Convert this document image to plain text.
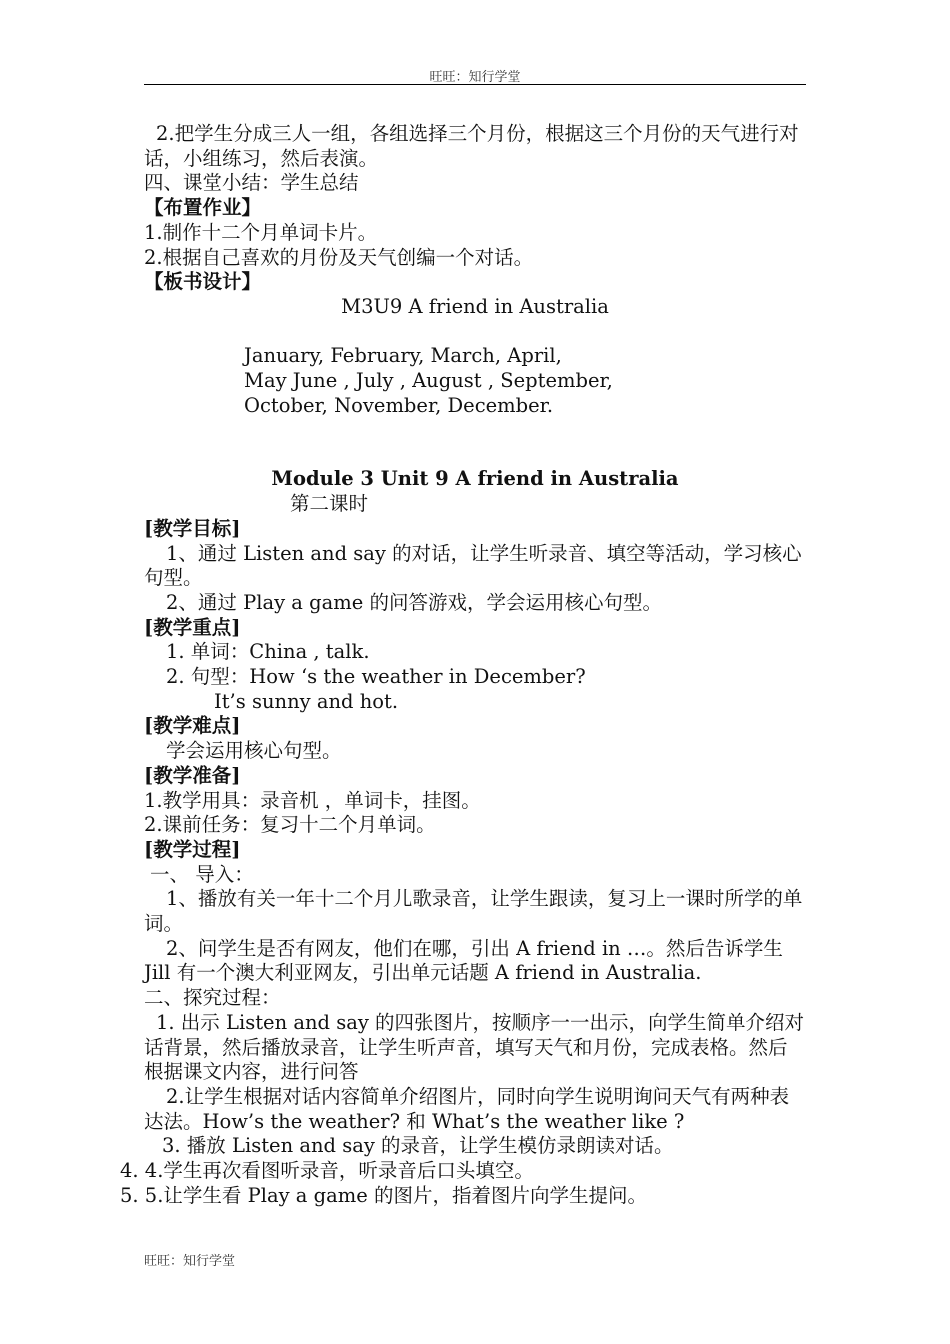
旺旺：知行学堂

2.把学生分成三人一组，各组选择三个月份，根据这三个月份的天气进行对话，小组练习，然后表演。

四、课堂小结：学生总结

【布置作业】

1.制作十二个月单词卡片。

2.根据自己喜欢的月份及天气创编一个对话。

【板书设计】

M3U9 A friend in Australia

January, February, March, April,

May June , July , August , September,

October, November, December.

Module 3 Unit 9 A friend in Australia

第二课时

[教学目标]

1、通过 Listen and say 的对话，让学生听录音、填空等活动，学习核心句型。

2、通过 Play a game 的问答游戏，学会运用核心句型。

[教学重点]

1. 单词：China , talk.

2. 句型：How ‘s the weather in December?

It’s sunny and hot.

[教学难点]

学会运用核心句型。

[教学准备]

1.教学用具：录音机 ，单词卡，挂图。

2.课前任务：复习十二个月单词。

[教学过程]

一、 导入：

1、播放有关一年十二个月儿歌录音，让学生跟读，复习上一课时所学的单词。

2、问学生是否有网友，他们在哪，引出 A friend in …。然后告诉学生 Jill 有一个澳大利亚网友，引出单元话题 A friend in Australia.

二、探究过程：

1. 出示 Listen and say 的四张图片，按顺序一一出示，向学生简单介绍对话背景，然后播放录音，让学生听声音，填写天气和月份，完成表格。然后根据课文内容，进行问答

2.让学生根据对话内容简单介绍图片，同时向学生说明询问天气有两种表达法。How’s the weather? 和 What’s the weather like ?

3. 播放 Listen and say 的录音，让学生模仿录朗读对话。

4. 4.学生再次看图听录音，听录音后口头填空。

5. 5.让学生看 Play a game 的图片，指着图片向学生提问。

旺旺：知行学堂
